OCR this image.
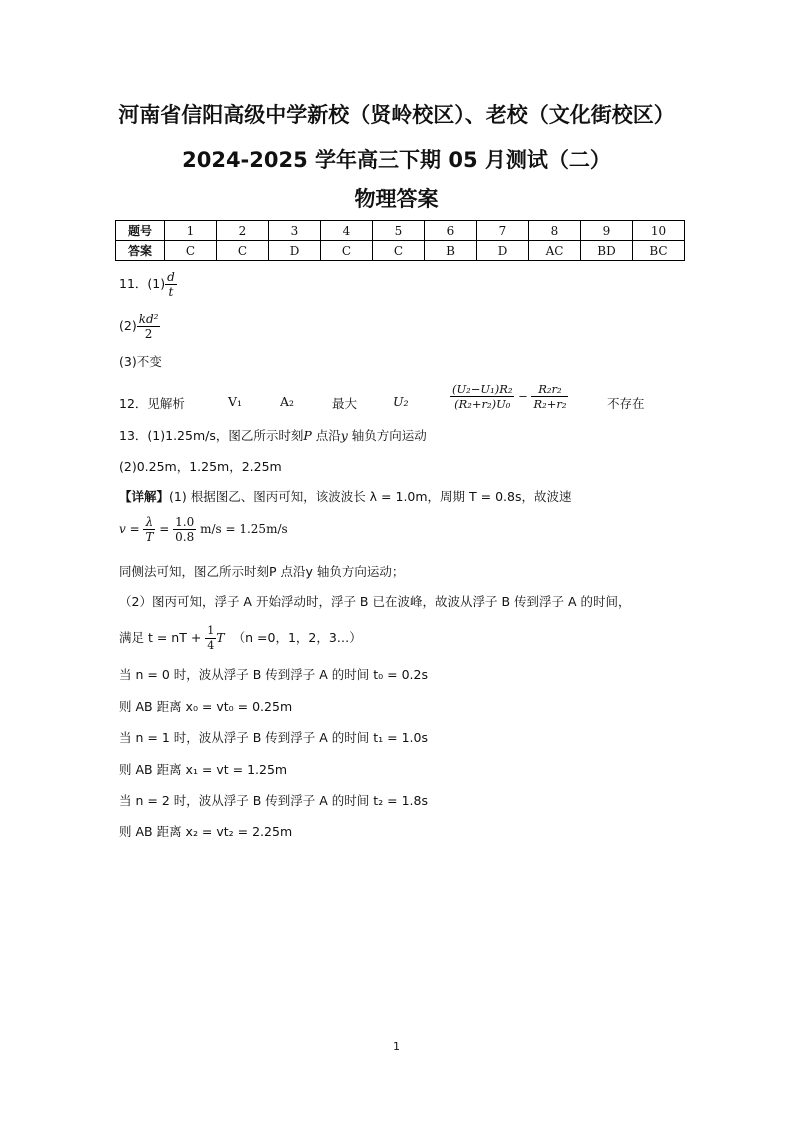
河南省信阳高级中学新校（贤岭校区）、老校（文化街校区）
2024-2025 学年高三下期 05 月测试（二）
物理答案
题号	1	2	3	4	5	6	7	8	9	10
答案	C	C	D	C	C	B	D	AC	BD	BC
11．$(1) \frac{d}{t}$
$(2) \frac{\text{kd²}}{2}$
(3)不变
12．见解析	V₁	A₂	最大	U₂	$\frac{\text{(U₂−U₁)R₂}}{\text{(R₂+r₂)U₀}} - \frac{\text{R₂r₂}}{\text{R₂+r₂}}$	不存在
13．(1)1.25m/s，图乙所示时刻P 点沿y 轴负方向运动
(2)0.25m，1.25m，2.25m
【详解】(1) 根据图乙、图丙可知，该波波长 λ = 1.0m，周期 T = 0.8s，故波速
$v = \frac{\lambda}{T} = \frac{1.0}{0.8} m/s = 1.25m/s$
同侧法可知，图乙所示时刻P 点沿y 轴负方向运动；
（2）图丙可知，浮子 A 开始浮动时，浮子 B 已在波峰，故波从浮子 B 传到浮子 A 的时间，
满足 t = nT + $\frac{1}{4}$ T （n =0，1，2，3…）
当 n = 0 时，波从浮子 B 传到浮子 A 的时间 t₀ = 0.2s
则 AB 距离 x₀ = vt₀ = 0.25m
当 n = 1 时，波从浮子 B 传到浮子 A 的时间 t₁ = 1.0s
则 AB 距离 x₁ = vt = 1.25m
当 n = 2 时，波从浮子 B 传到浮子 A 的时间 t₂ = 1.8s
则 AB 距离 x₂ = vt₂ = 2.25m
1
